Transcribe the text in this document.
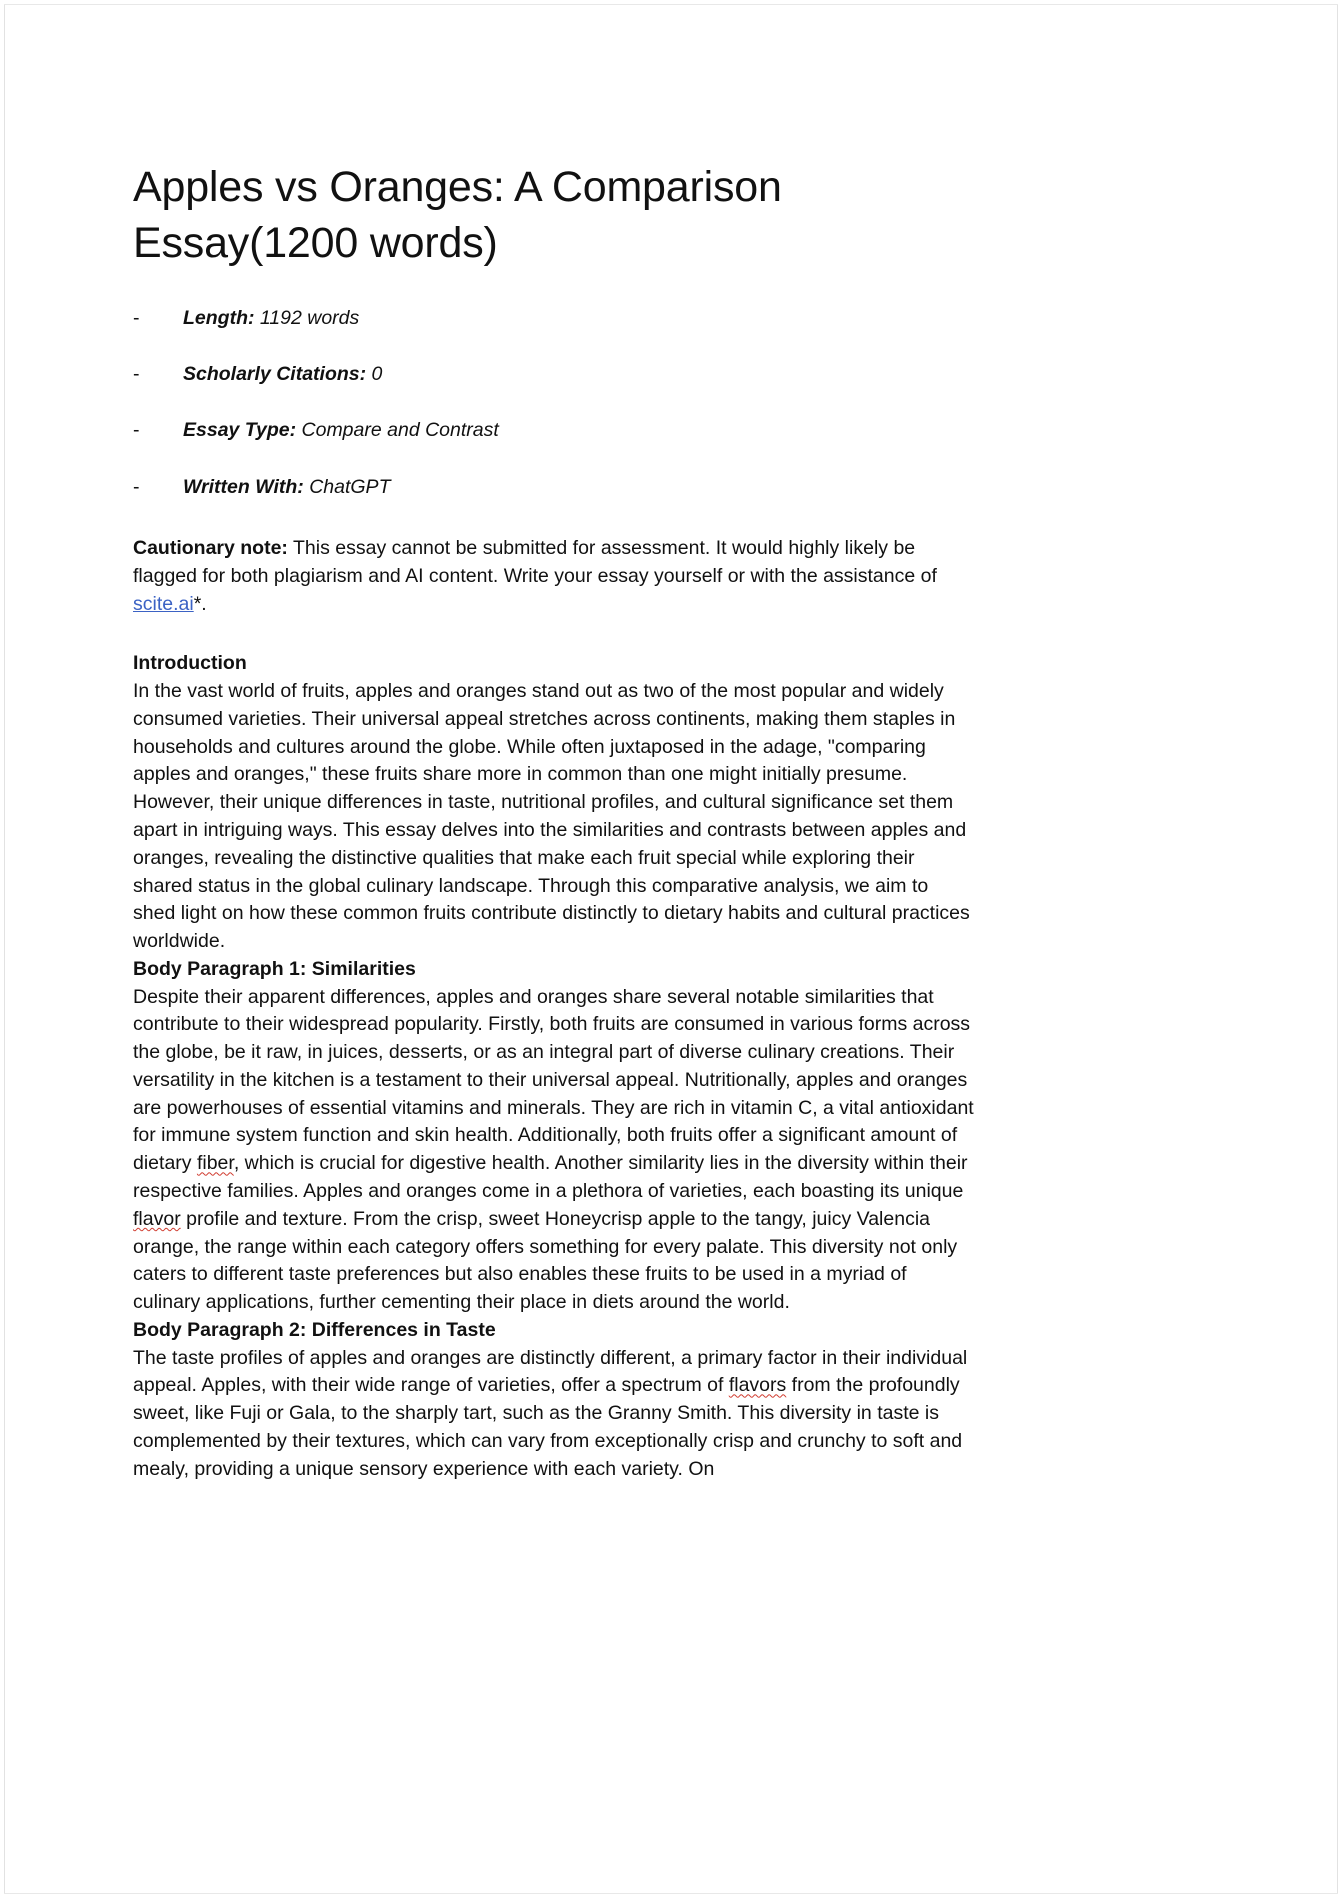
Apples vs Oranges: A Comparison Essay(1200 words)
- Length: 1192 words
- Scholarly Citations: 0
- Essay Type: Compare and Contrast
- Written With: ChatGPT

Cautionary note: This essay cannot be submitted for assessment. It would highly likely be flagged for both plagiarism and AI content. Write your essay yourself or with the assistance of scite.ai*.

Introduction

In the vast world of fruits, apples and oranges stand out as two of the most popular and widely consumed varieties. Their universal appeal stretches across continents, making them staples in households and cultures around the globe. While often juxtaposed in the adage, "comparing apples and oranges," these fruits share more in common than one might initially presume. However, their unique differences in taste, nutritional profiles, and cultural significance set them apart in intriguing ways. This essay delves into the similarities and contrasts between apples and oranges, revealing the distinctive qualities that make each fruit special while exploring their shared status in the global culinary landscape. Through this comparative analysis, we aim to shed light on how these common fruits contribute distinctly to dietary habits and cultural practices worldwide.

Body Paragraph 1: Similarities

Despite their apparent differences, apples and oranges share several notable similarities that contribute to their widespread popularity. Firstly, both fruits are consumed in various forms across the globe, be it raw, in juices, desserts, or as an integral part of diverse culinary creations. Their versatility in the kitchen is a testament to their universal appeal. Nutritionally, apples and oranges are powerhouses of essential vitamins and minerals. They are rich in vitamin C, a vital antioxidant for immune system function and skin health. Additionally, both fruits offer a significant amount of dietary fiber, which is crucial for digestive health. Another similarity lies in the diversity within their respective families. Apples and oranges come in a plethora of varieties, each boasting its unique flavor profile and texture. From the crisp, sweet Honeycrisp apple to the tangy, juicy Valencia orange, the range within each category offers something for every palate. This diversity not only caters to different taste preferences but also enables these fruits to be used in a myriad of culinary applications, further cementing their place in diets around the world.

Body Paragraph 2: Differences in Taste

The taste profiles of apples and oranges are distinctly different, a primary factor in their individual appeal. Apples, with their wide range of varieties, offer a spectrum of flavors from the profoundly sweet, like Fuji or Gala, to the sharply tart, such as the Granny Smith. This diversity in taste is complemented by their textures, which can vary from exceptionally crisp and crunchy to soft and mealy, providing a unique sensory experience with each variety. On
